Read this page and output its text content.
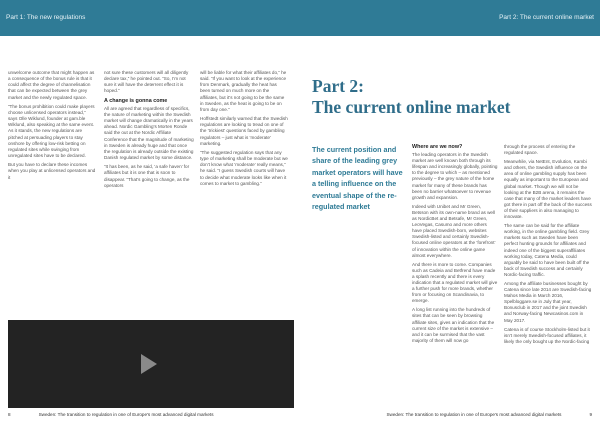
Part 1: The new regulations	Part 2: The current online market

unwelcome outcome that might happen as a consequence of the bonus rule is that it could affect the degree of channelisation that can be expected between the grey market and the newly regulated space.

“The bonus prohibition could make players choose unlicensed operators instead,” says Olle Wiklund, founder at gam.ble Wiklund, also speaking at the same event. As it stands, the new regulations are pitched at persuading players to stay onshore by offering low-risk betting on regulated sites while swinging from unregulated sites have to be declared.

But you have to declare these incomes when you play at unlicensed operators and it

not sure these customers will all diligently declare tax,” he pointed out. “So, I’m not sure it will have the deterrent effect it is hoped.”

A change is gonna come

All are agreed that regardless of specifics, the nature of marketing within the Swedish market will change dramatically in the years ahead. Nordic Gambling’s Morten Ronde said the out at the Nordic Affiliate Conference that the magnitude of marketing in Sweden is already huge and that once the regulation is already outside the existing Danish regulated market by some distance.

“It has been, as he said, ‘a safe haven’ for affiliates but it is one that is soon to disappear. “That’s going to change, as the operators

will be liable for what their affiliates do,” he said. “If you want to look at the experience from Denmark, gradually the heat has been turned on much more on the affiliates, but it’s not going to be the same in Sweden, as the heat is going to be on from day one.”

Hoffstedt similarly warned that the Swedish regulations are looking to tread on one of the ‘trickiest’ questions faced by gambling regulators – just what is ‘moderate’ marketing.

“The suggested regulation says that any type of marketing shall be moderate but we don’t know what ‘moderate’ really means,” he said. “I guess Swedish courts will have to decide what moderate looks like when it comes to market to gambling.”

Part 2:
The current online market
The current position and share of the leading grey market operators will have a telling influence on the eventual shape of the re-regulated market
Where are we now?

The leading operators in the Swedish market are well known both through its lifespan and increasingly globally, pointing to the degree to which – as mentioned previously – the grey nature of the home market for many of these brands has been no barrier whatsoever to revenue growth and expansion.

Indeed with Unibet and Mr Green, Betsson with its own-name brand as well as NordicBet and Betsafe, Mr Green, LeoVegas, Casumo and more others have placed Swedish-born, websites Swedish-listed and certainly Swedish-focused online operators at the ‘forefront’ of innovation within the online game almost everywhere.

And there is more to come. Companies such as Cadeia and Betfrend have made a splash recently and there is every indication that a regulated market will give a further push for more brands, whether from or focusing on Scandinavia, to emerge.

A long list running into the hundreds of sites that can be seen by browsing affiliate sites, gives an indication that the current size of the market is extensive – and it can be surmised that the vast majority of them will now go

through the process of entering the regulated space.

Meanwhile, via NetEnt, Evolution, Kambi and others, the Swedish influence on the area of online gambling supply has been equally as important to the European and global market. Though we will not be looking at the B2B arena, it remains the case that many of the market leaders have got there in part off the back of the success of their suppliers in also managing to innovate.

The same can be said for the affiliate working, in the online gambling field. Grey markets such as Sweden have been perfect hunting grounds for affiliates and indeed one of the biggest superaffiliates working today, Catena Media, could arguably be said to have been built off the back of Swedish success and certainly Nordic-facing traffic.

Among the affiliate businesses bought by Catena since late 2014 are Swedish-facing Mahos Media in March 2016, Spelbloggare.se in July that year, Bonusclub in 2017 and the joint Swedish and Norway-facing Newcasinos.com in May 2017.

Catena is of course Stockholm-listed but it isn’t merely Swedish-focused affiliates, it likely the only bought up the Nordic-facing

8	Sweden: The transition to regulation in one of Europe's most advanced digital markets	Sweden: The transition to regulation in one of Europe's most advanced digital markets	9
